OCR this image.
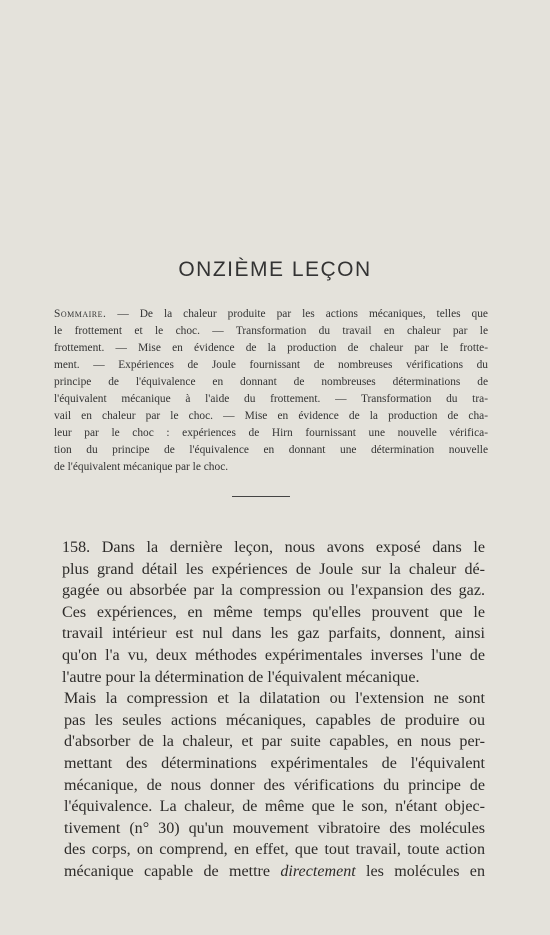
ONZIÈME LEÇON
Sommaire. — De la chaleur produite par les actions mécaniques, telles que
le frottement et le choc. — Transformation du travail en chaleur par le
frottement. — Mise en évidence de la production de chaleur par le frotte-
ment. — Expériences de Joule fournissant de nombreuses vérifications du
principe de l'équivalence en donnant de nombreuses déterminations de
l'équivalent mécanique à l'aide du frottement. — Transformation du tra-
vail en chaleur par le choc. — Mise en évidence de la production de cha-
leur par le choc : expériences de Hirn fournissant une nouvelle vérifica-
tion du principe de l'équivalence en donnant une détermination nouvelle
de l'équivalent mécanique par le choc.

158. Dans la dernière leçon, nous avons exposé dans le
plus grand détail les expériences de Joule sur la chaleur dé-
gagée ou absorbée par la compression ou l'expansion des gaz.
Ces expériences, en même temps qu'elles prouvent que le
travail intérieur est nul dans les gaz parfaits, donnent, ainsi
qu'on l'a vu, deux méthodes expérimentales inverses l'une de
l'autre pour la détermination de l'équivalent mécanique.

Mais la compression et la dilatation ou l'extension ne sont
pas les seules actions mécaniques, capables de produire ou
d'absorber de la chaleur, et par suite capables, en nous per-
mettant des déterminations expérimentales de l'équivalent
mécanique, de nous donner des vérifications du principe de
l'équivalence. La chaleur, de même que le son, n'étant objec-
tivement (n° 30) qu'un mouvement vibratoire des molécules
des corps, on comprend, en effet, que tout travail, toute action
mécanique capable de mettre directement les molécules en
